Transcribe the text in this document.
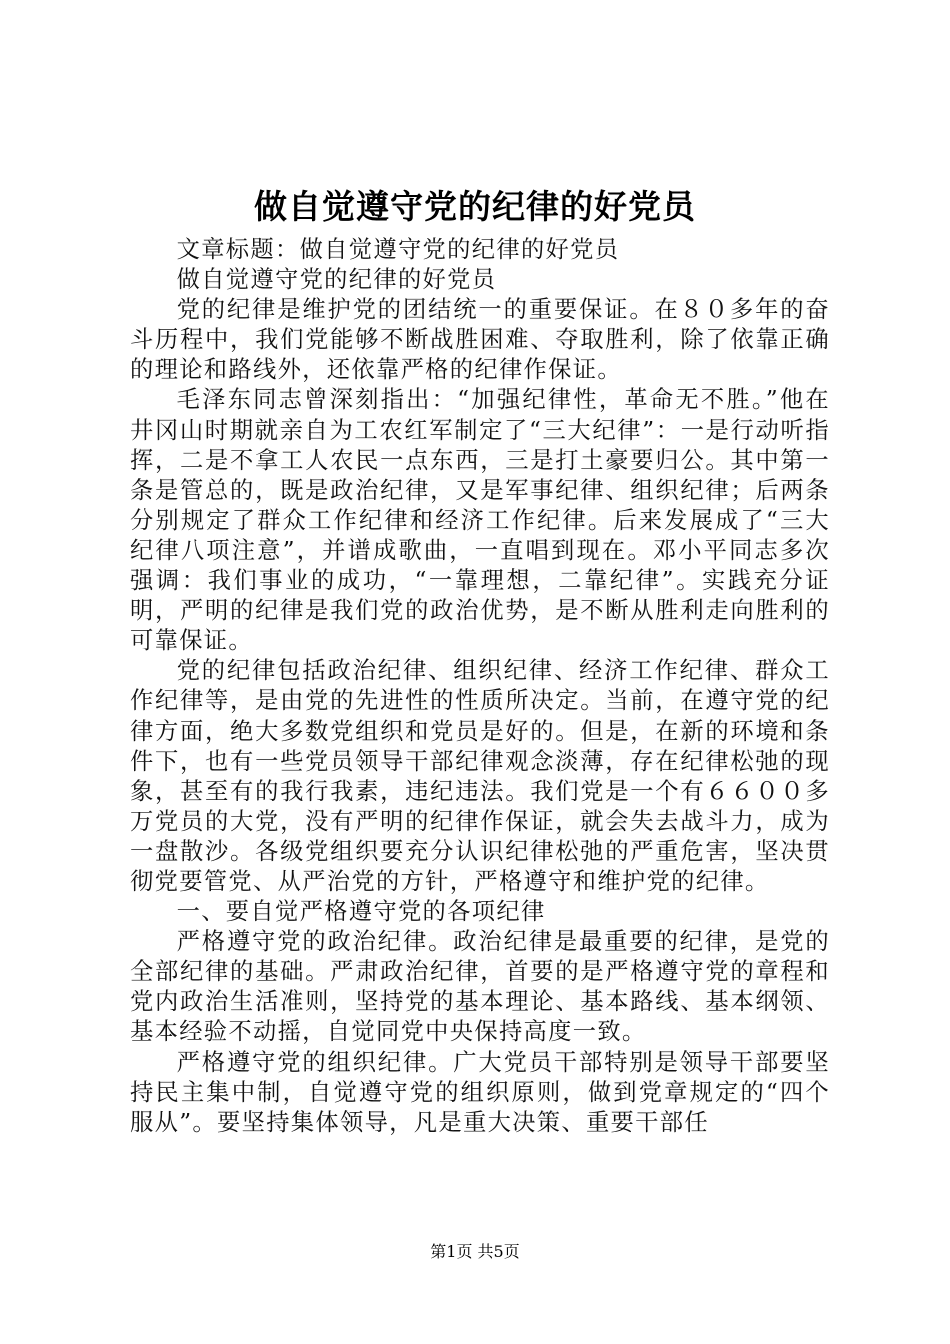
做自觉遵守党的纪律的好党员

文章标题：做自觉遵守党的纪律的好党员

做自觉遵守党的纪律的好党员

党的纪律是维护党的团结统一的重要保证。在８０多年的奋斗历程中，我们党能够不断战胜困难、夺取胜利，除了依靠正确的理论和路线外，还依靠严格的纪律作保证。

毛泽东同志曾深刻指出：“加强纪律性，革命无不胜。”他在井冈山时期就亲自为工农红军制定了“三大纪律”：一是行动听指挥，二是不拿工人农民一点东西，三是打土豪要归公。其中第一条是管总的，既是政治纪律，又是军事纪律、组织纪律；后两条分别规定了群众工作纪律和经济工作纪律。后来发展成了“三大纪律八项注意”，并谱成歌曲，一直唱到现在。邓小平同志多次强调：我们事业的成功，“一靠理想，二靠纪律”。实践充分证明，严明的纪律是我们党的政治优势，是不断从胜利走向胜利的可靠保证。

党的纪律包括政治纪律、组织纪律、经济工作纪律、群众工作纪律等，是由党的先进性的性质所决定。当前，在遵守党的纪律方面，绝大多数党组织和党员是好的。但是，在新的环境和条件下，也有一些党员领导干部纪律观念淡薄，存在纪律松弛的现象，甚至有的我行我素，违纪违法。我们党是一个有６６００多万党员的大党，没有严明的纪律作保证，就会失去战斗力，成为一盘散沙。各级党组织要充分认识纪律松弛的严重危害，坚决贯彻党要管党、从严治党的方针，严格遵守和维护党的纪律。

一、要自觉严格遵守党的各项纪律

严格遵守党的政治纪律。政治纪律是最重要的纪律，是党的全部纪律的基础。严肃政治纪律，首要的是严格遵守党的章程和党内政治生活准则，坚持党的基本理论、基本路线、基本纲领、基本经验不动摇，自觉同党中央保持高度一致。

严格遵守党的组织纪律。广大党员干部特别是领导干部要坚持民主集中制，自觉遵守党的组织原则，做到党章规定的“四个服从”。要坚持集体领导，凡是重大决策、重要干部任

第1页 共5页
